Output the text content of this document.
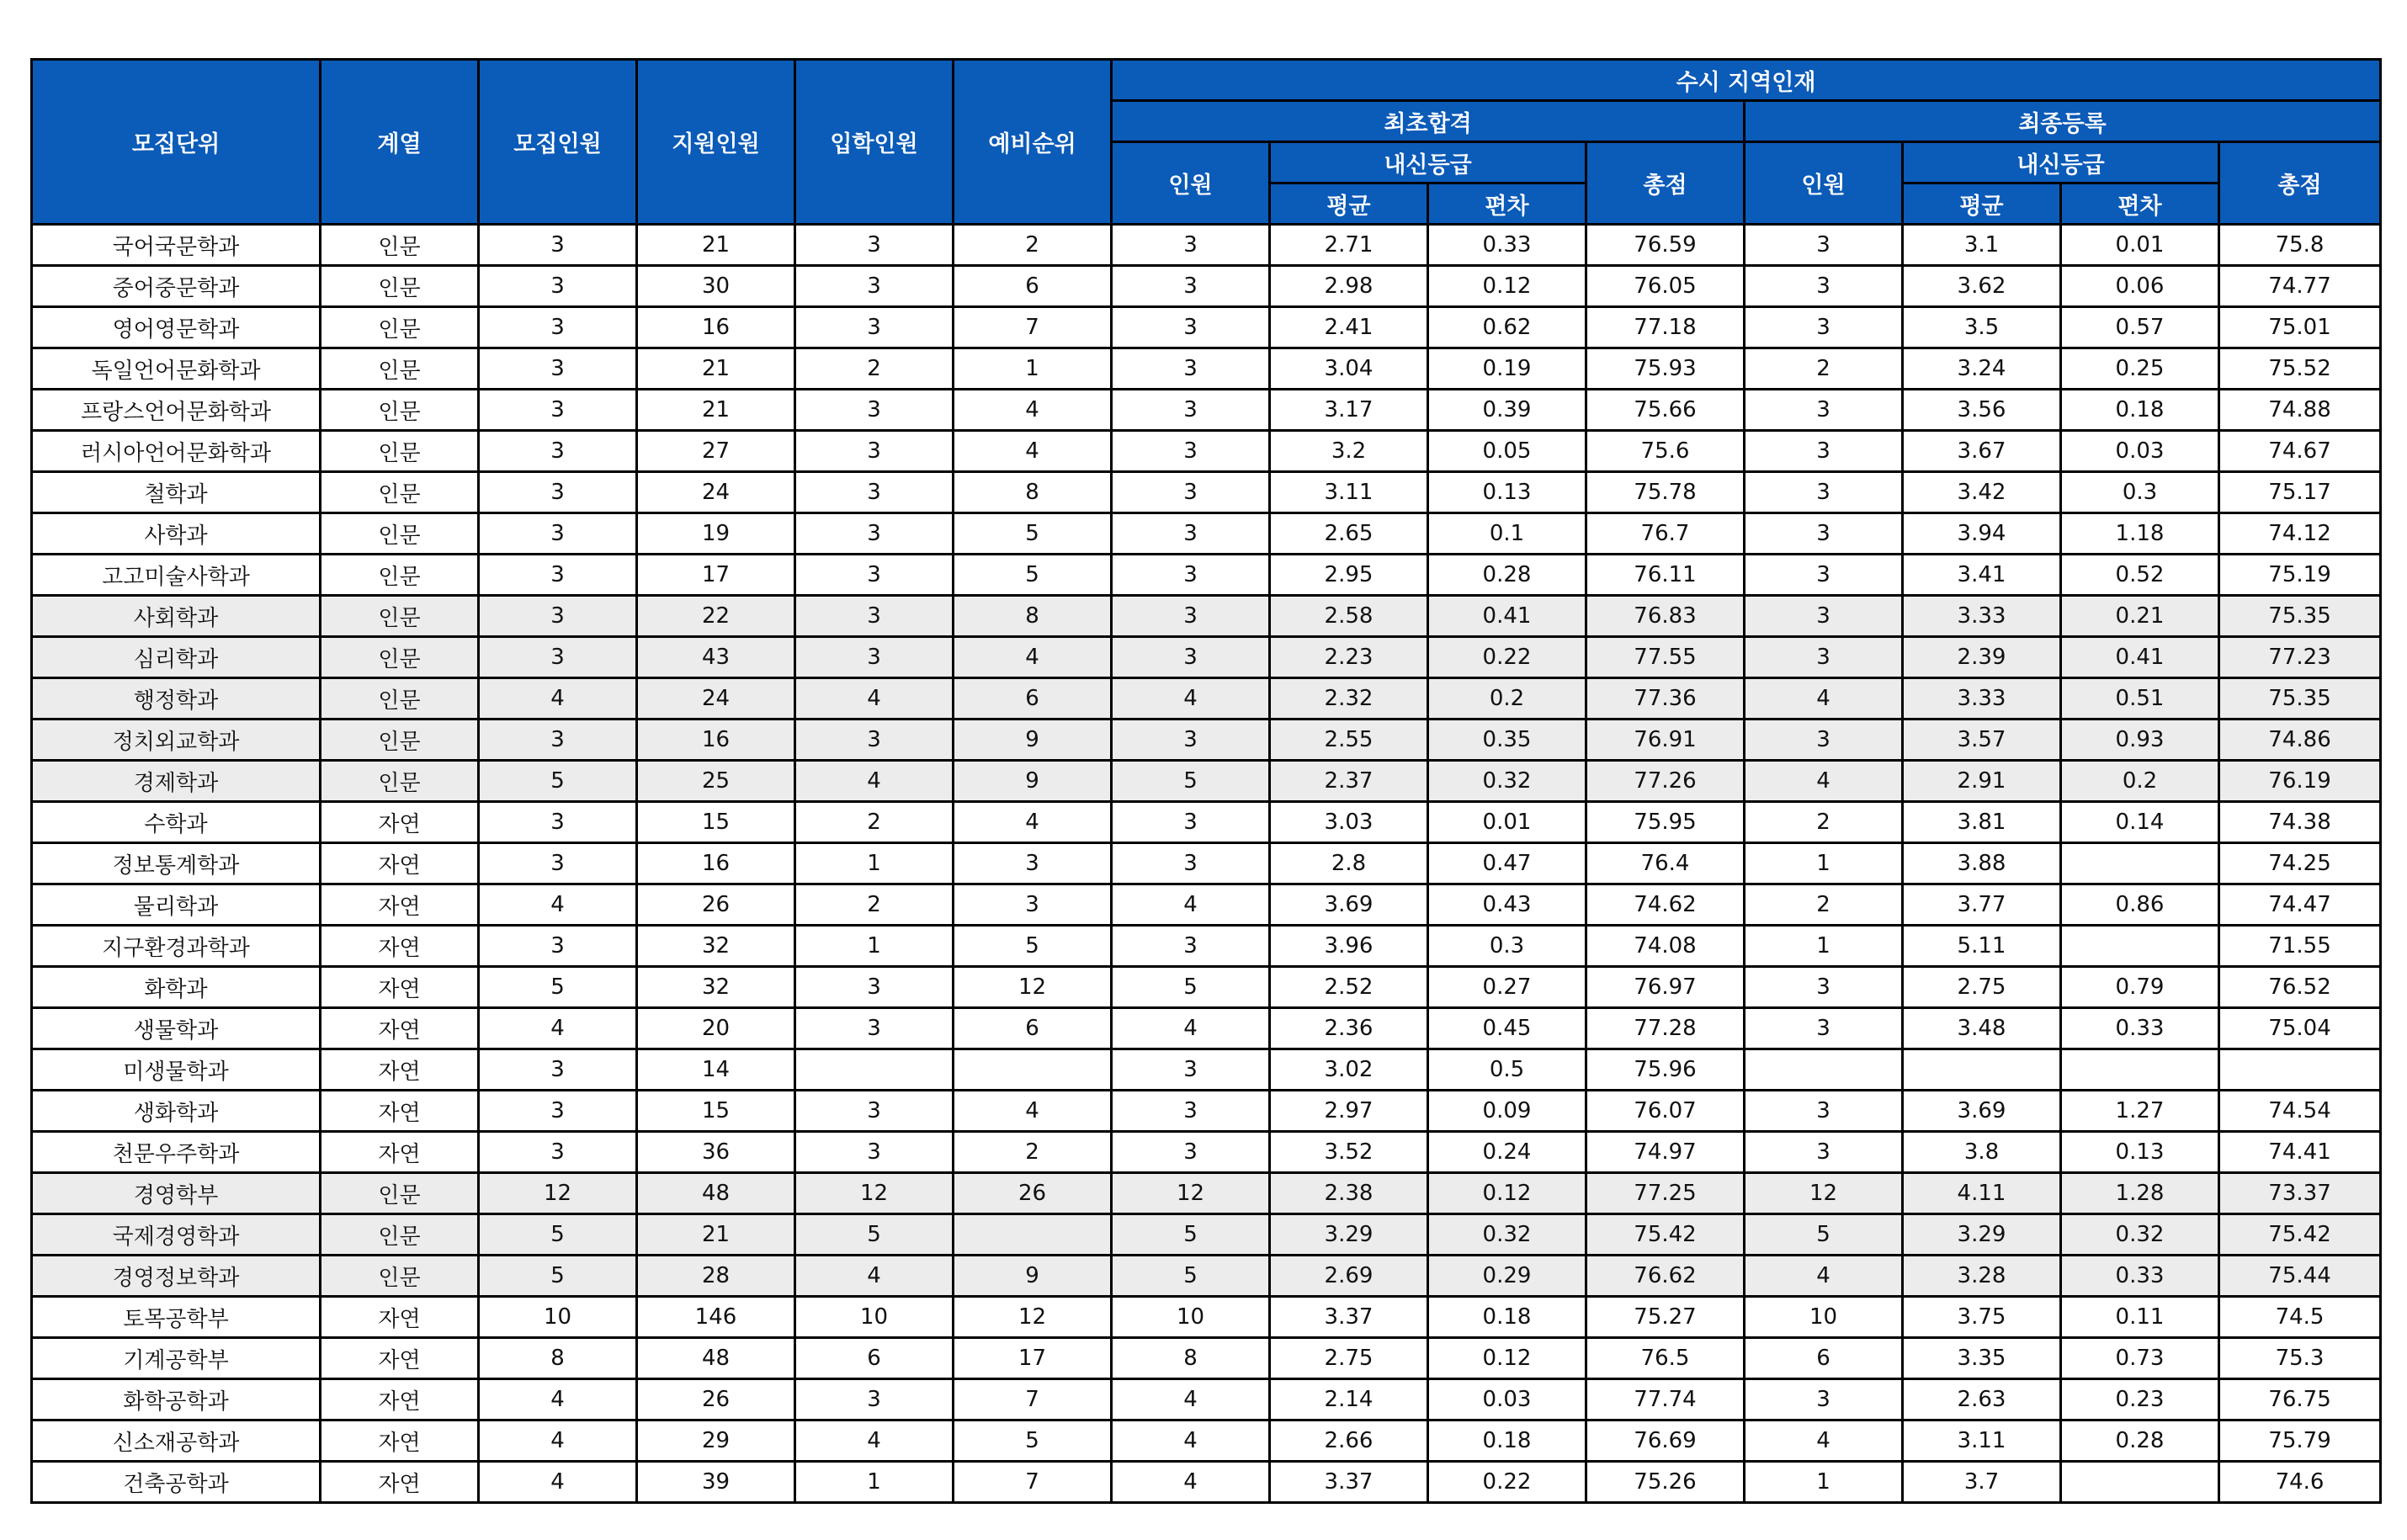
모집단위	계열	모집인원	지원인원	입학인원	예비순위	수시 지역인재							
						최초합격				최종등록			
						인원	내신등급		총점	인원	내신등급		총점
							평균	편차			평균	편차	
국어국문학과	인문	3	21	3	2	3	2.71	0.33	76.59	3	3.1	0.01	75.8
중어중문학과	인문	3	30	3	6	3	2.98	0.12	76.05	3	3.62	0.06	74.77
영어영문학과	인문	3	16	3	7	3	2.41	0.62	77.18	3	3.5	0.57	75.01
독일언어문화학과	인문	3	21	2	1	3	3.04	0.19	75.93	2	3.24	0.25	75.52
프랑스언어문화학과	인문	3	21	3	4	3	3.17	0.39	75.66	3	3.56	0.18	74.88
러시아언어문화학과	인문	3	27	3	4	3	3.2	0.05	75.6	3	3.67	0.03	74.67
철학과	인문	3	24	3	8	3	3.11	0.13	75.78	3	3.42	0.3	75.17
사학과	인문	3	19	3	5	3	2.65	0.1	76.7	3	3.94	1.18	74.12
고고미술사학과	인문	3	17	3	5	3	2.95	0.28	76.11	3	3.41	0.52	75.19
사회학과	인문	3	22	3	8	3	2.58	0.41	76.83	3	3.33	0.21	75.35
심리학과	인문	3	43	3	4	3	2.23	0.22	77.55	3	2.39	0.41	77.23
행정학과	인문	4	24	4	6	4	2.32	0.2	77.36	4	3.33	0.51	75.35
정치외교학과	인문	3	16	3	9	3	2.55	0.35	76.91	3	3.57	0.93	74.86
경제학과	인문	5	25	4	9	5	2.37	0.32	77.26	4	2.91	0.2	76.19
수학과	자연	3	15	2	4	3	3.03	0.01	75.95	2	3.81	0.14	74.38
정보통계학과	자연	3	16	1	3	3	2.8	0.47	76.4	1	3.88		74.25
물리학과	자연	4	26	2	3	4	3.69	0.43	74.62	2	3.77	0.86	74.47
지구환경과학과	자연	3	32	1	5	3	3.96	0.3	74.08	1	5.11		71.55
화학과	자연	5	32	3	12	5	2.52	0.27	76.97	3	2.75	0.79	76.52
생물학과	자연	4	20	3	6	4	2.36	0.45	77.28	3	3.48	0.33	75.04
미생물학과	자연	3	14			3	3.02	0.5	75.96				
생화학과	자연	3	15	3	4	3	2.97	0.09	76.07	3	3.69	1.27	74.54
천문우주학과	자연	3	36	3	2	3	3.52	0.24	74.97	3	3.8	0.13	74.41
경영학부	인문	12	48	12	26	12	2.38	0.12	77.25	12	4.11	1.28	73.37
국제경영학과	인문	5	21	5		5	3.29	0.32	75.42	5	3.29	0.32	75.42
경영정보학과	인문	5	28	4	9	5	2.69	0.29	76.62	4	3.28	0.33	75.44
토목공학부	자연	10	146	10	12	10	3.37	0.18	75.27	10	3.75	0.11	74.5
기계공학부	자연	8	48	6	17	8	2.75	0.12	76.5	6	3.35	0.73	75.3
화학공학과	자연	4	26	3	7	4	2.14	0.03	77.74	3	2.63	0.23	76.75
신소재공학과	자연	4	29	4	5	4	2.66	0.18	76.69	4	3.11	0.28	75.79
건축공학과	자연	4	39	1	7	4	3.37	0.22	75.26	1	3.7		74.6
